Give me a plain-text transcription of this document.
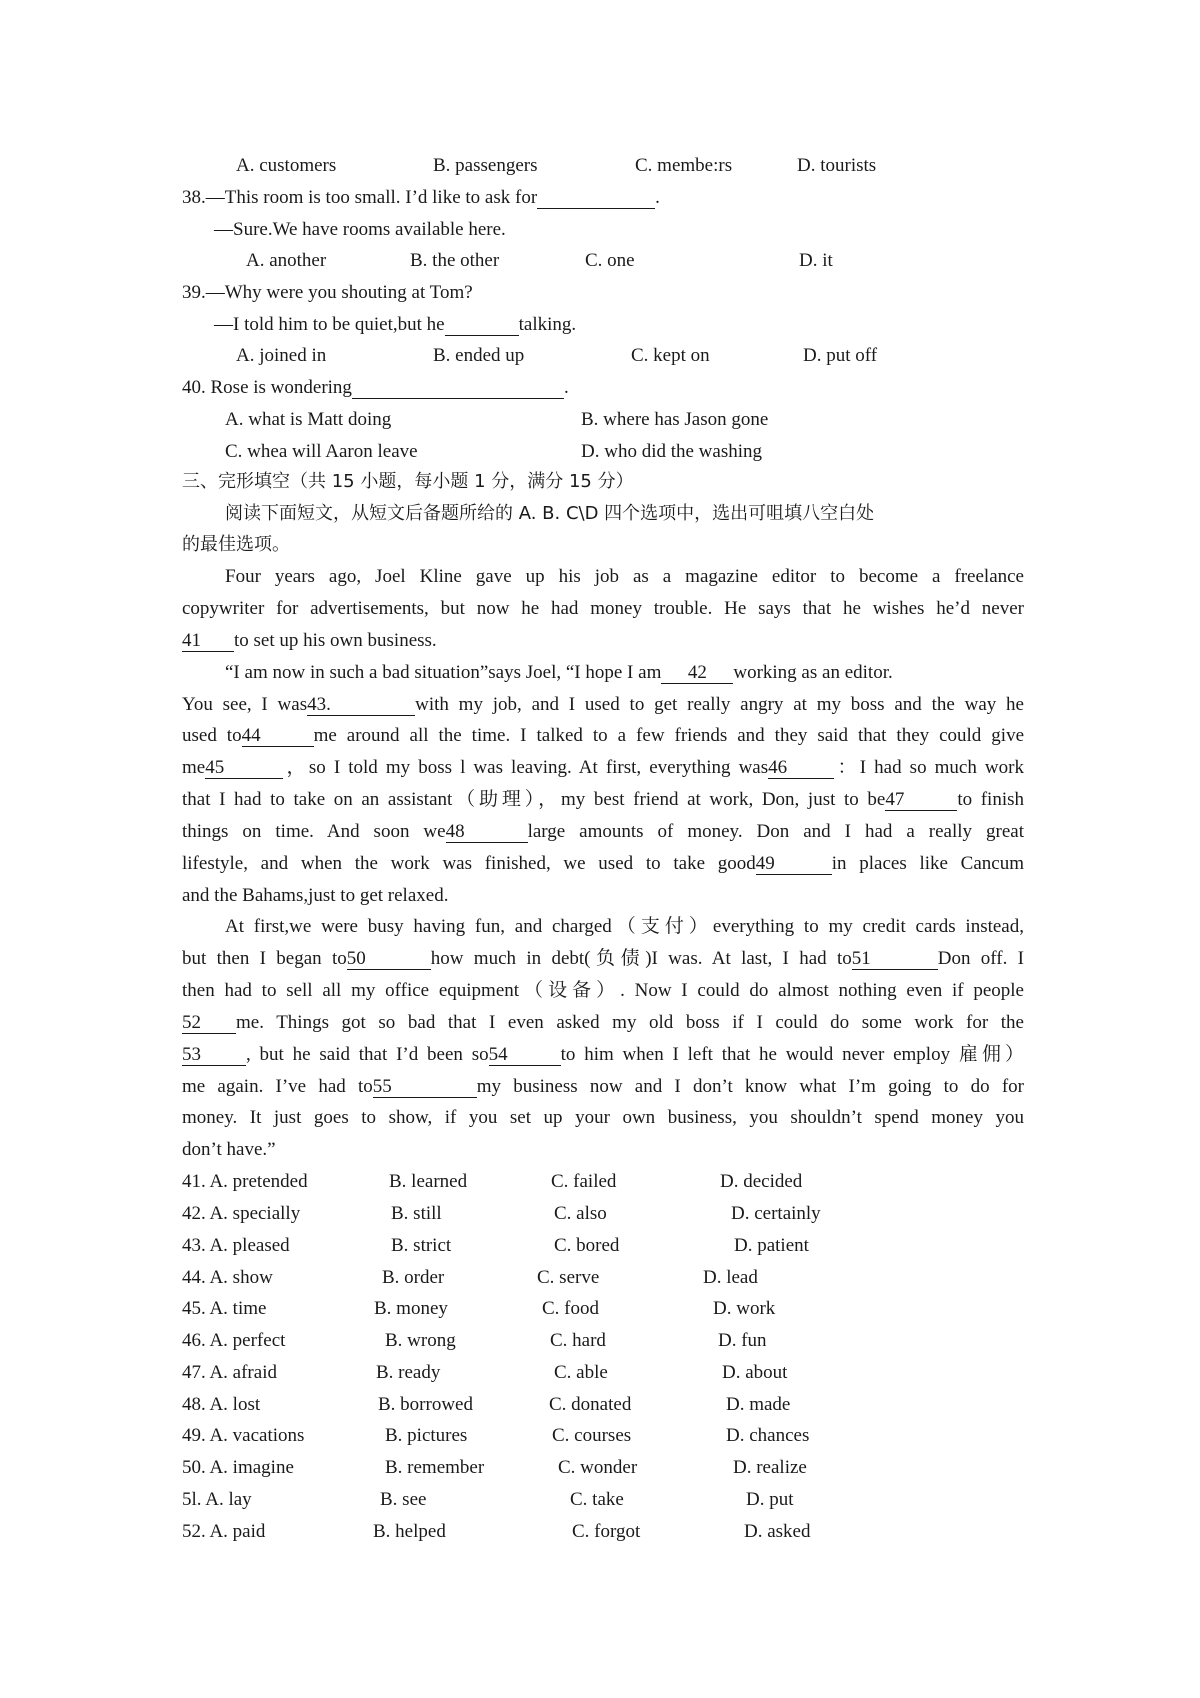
A. customers	B. passengers	C. membe:rs	D. tourists
38.—This room is too small. I’d like to ask for	.
—Sure.We have rooms available here.
A. another	B. the other	C. one	D. it
39.—Why were you shouting at Tom?
—I told him to be quiet,but he	talking.
A. joined in	B. ended up	C. kept on	D. put off
40. Rose is wondering	.
A. what is Matt doing	B. where has Jason gone
C. whea will Aaron leave	D. who did the washing
三、完形填空（共 15 小题，每小题 1 分，满分 15 分）
阅读下面短文，从短文后备题所给的 A. B. C\D 四个选项中，选出可咀填八空白处
的最佳选项。
Four years ago, Joel Kline gave up his job as a magazine editor to become a freelance
copywriter for advertisements, but now he had money trouble. He says that he wishes he’d never
41 to set up his own business.
“I am now in such a bad situation”says Joel, “I hope I am 42 working as an editor.
You see, I was43.	with my job, and I used to get really angry at my boss and the way he
used to44	me around all the time. I talked to a few friends and they said that they could give
me45	，so I told my boss l was leaving. At first, everything was46 ：I had so much work
that I had to take on an assistant（助理），my best friend at work, Don, just to be47	to finish
things on time. And soon we48	large amounts of money. Don and I had a really great
lifestyle, and when the work was finished, we used to take good49	in places like Cancum
and the Bahams,just to get relaxed.
At first,we were busy having fun, and charged（支付）everything to my credit cards instead,
but then I began to50	how much in debt(负债)I was. At last, I had to51	Don off. I
then had to sell all my office equipment（设备）. Now I could do almost nothing even if people
52 me. Things got so bad that I even asked my old boss if I could do some work for the
53 , but he said that I’d been so54	to him when I left that he would never employ 雇佣）
me again. I’ve had to55	my business now and I don’t know what I’m going to do for
money. It just goes to show, if you set up your own business, you shouldn’t spend money you
don’t have.”
41. A. pretended	B. learned	C. failed	D. decided
42. A. specially	B. still	C. also	D. certainly
43. A. pleased	B. strict	C. bored	D. patient
44. A. show	B. order	C. serve	D. lead
45. A. time	B. money	C. food	D. work
46. A. perfect	B. wrong	C. hard	D. fun
47. A. afraid	B. ready	C. able	D. about
48. A. lost	B. borrowed	C. donated	D. made
49. A. vacations	B. pictures	C. courses	D. chances
50. A. imagine	B. remember	C. wonder	D. realize
5l. A. lay	B. see	C. take	D. put
52. A. paid	B. helped	C. forgot	D. asked
